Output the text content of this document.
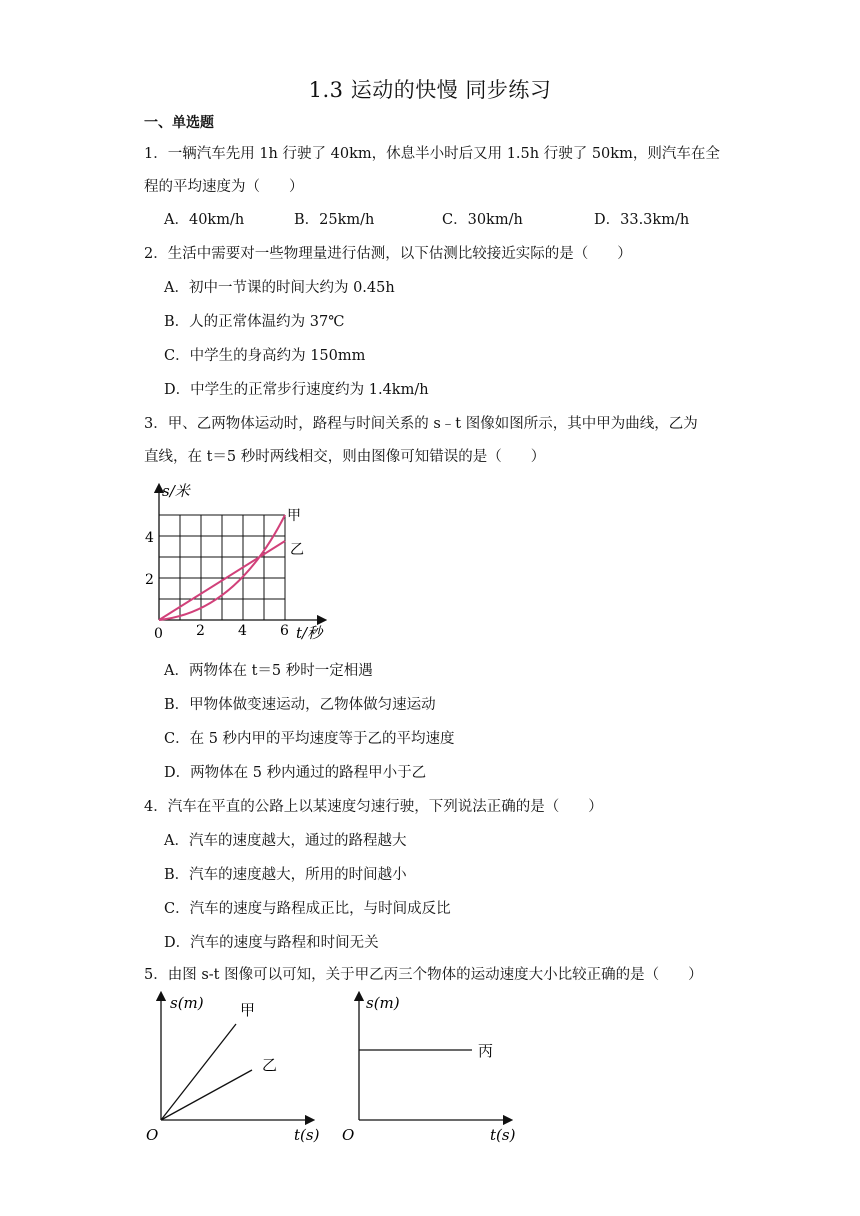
1.3 运动的快慢 同步练习
一、单选题
1．一辆汽车先用 1h 行驶了 40km，休息半小时后又用 1.5h 行驶了 50km，则汽车在全
程的平均速度为（　　）
A．40km/h	B．25km/h	C．30km/h	D．33.3km/h
2．生活中需要对一些物理量进行估测，以下估测比较接近实际的是（　　）
A．初中一节课的时间大约为 0.45h
B．人的正常体温约为 37℃
C．中学生的身高约为 150mm
D．中学生的正常步行速度约为 1.4km/h
3．甲、乙两物体运动时，路程与时间关系的 s﹣t 图像如图所示，其中甲为曲线，乙为
直线，在 t＝5 秒时两线相交，则由图像可知错误的是（　　）
s/米
t/秒
4
2
0 2 4 6
甲
乙
A．两物体在 t＝5 秒时一定相遇
B．甲物体做变速运动，乙物体做匀速运动
C．在 5 秒内甲的平均速度等于乙的平均速度
D．两物体在 5 秒内通过的路程甲小于乙
4．汽车在平直的公路上以某速度匀速行驶，下列说法正确的是（　　）
A．汽车的速度越大，通过的路程越大
B．汽车的速度越大，所用的时间越小
C．汽车的速度与路程成正比，与时间成反比
D．汽车的速度与路程和时间无关
5．由图 s-t 图像可以可知，关于甲乙丙三个物体的运动速度大小比较正确的是（　　）
s(m)
t(s)
O
甲
乙
s(m)
t(s)
O
丙
